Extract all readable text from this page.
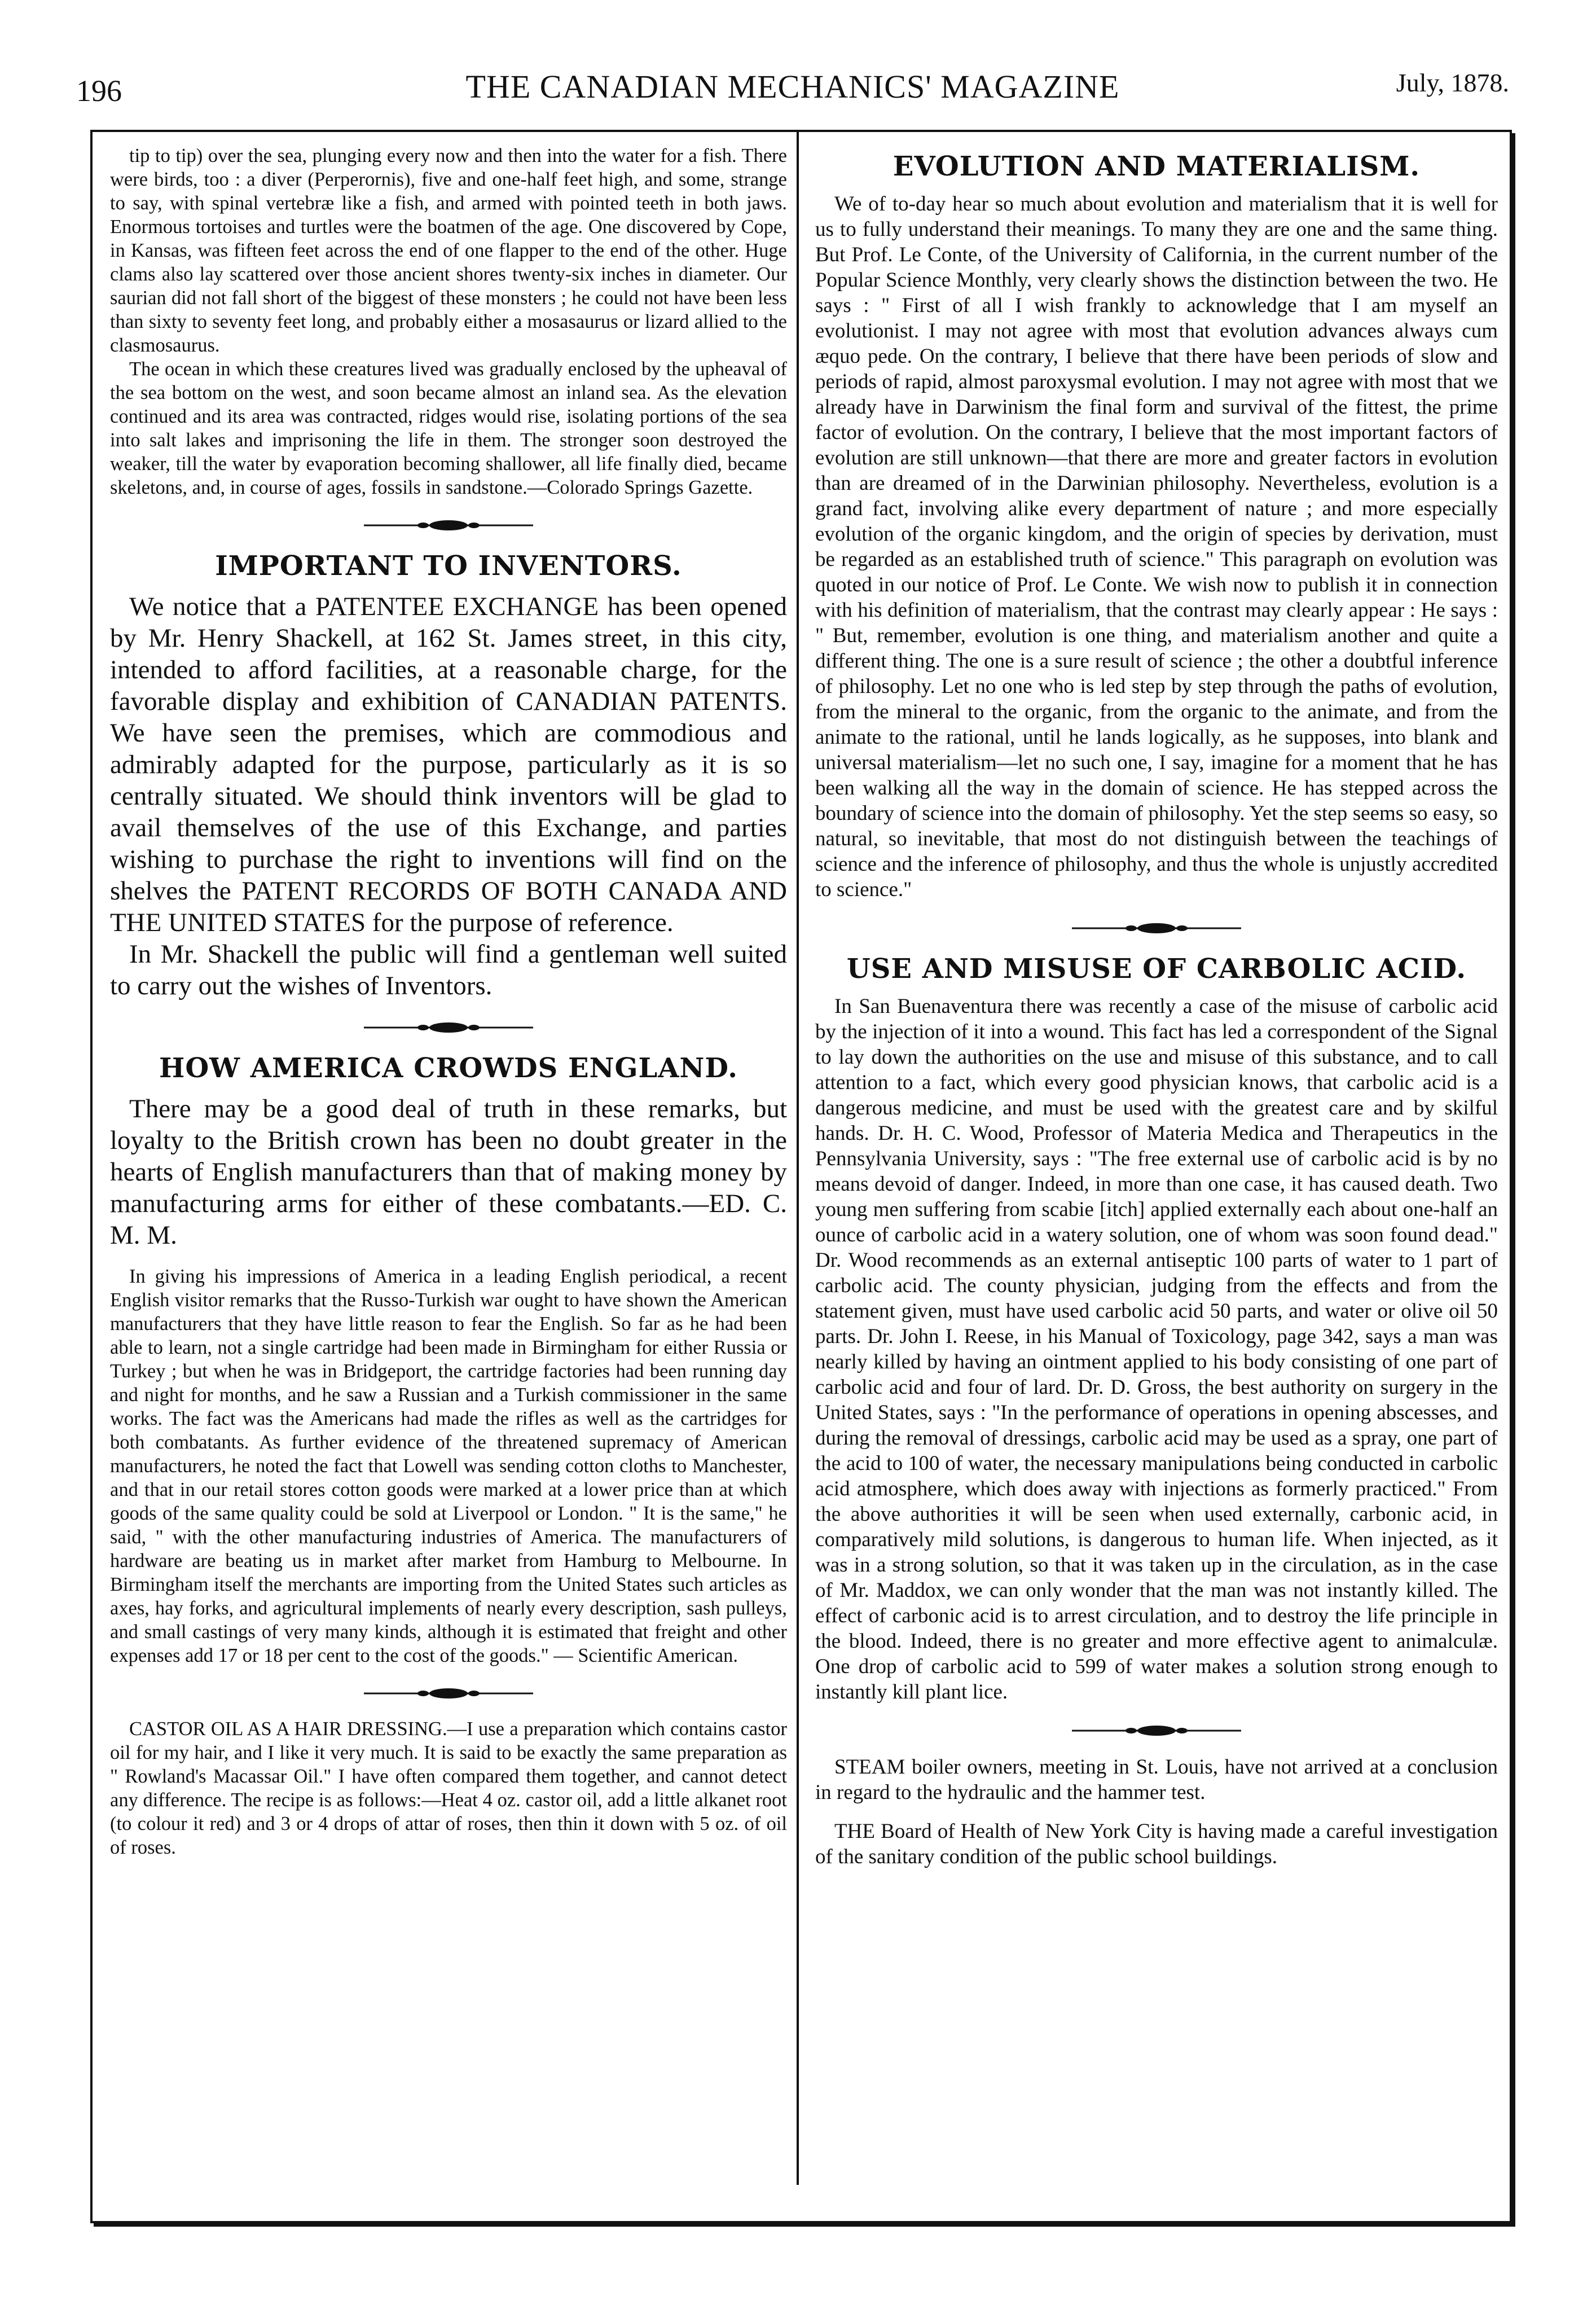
196	THE CANADIAN MECHANICS' MAGAZINE	July, 1878.

tip to tip) over the sea, plunging every now and then into the water for a fish. There were birds, too : a diver (Perperornis), five and one-half feet high, and some, strange to say, with spinal vertebræ like a fish, and armed with pointed teeth in both jaws. Enormous tortoises and turtles were the boatmen of the age. One discovered by Cope, in Kansas, was fifteen feet across the end of one flapper to the end of the other. Huge clams also lay scattered over those ancient shores twenty-six inches in diameter. Our saurian did not fall short of the biggest of these monsters ; he could not have been less than sixty to seventy feet long, and probably either a mosasaurus or lizard allied to the clasmosaurus.

The ocean in which these creatures lived was gradually enclosed by the upheaval of the sea bottom on the west, and soon became almost an inland sea. As the elevation continued and its area was contracted, ridges would rise, isolating portions of the sea into salt lakes and imprisoning the life in them. The stronger soon destroyed the weaker, till the water by evaporation becoming shallower, all life finally died, became skeletons, and, in course of ages, fossils in sandstone.—Colorado Springs Gazette.

IMPORTANT TO INVENTORS.

We notice that a PATENTEE EXCHANGE has been opened by Mr. Henry Shackell, at 162 St. James street, in this city, intended to afford facilities, at a reasonable charge, for the favorable display and exhibition of CANADIAN PATENTS. We have seen the premises, which are commodious and admirably adapted for the purpose, particularly as it is so centrally situated. We should think inventors will be glad to avail themselves of the use of this Exchange, and parties wishing to purchase the right to inventions will find on the shelves the PATENT RECORDS OF BOTH CANADA AND THE UNITED STATES for the purpose of reference.

In Mr. Shackell the public will find a gentleman well suited to carry out the wishes of Inventors.

HOW AMERICA CROWDS ENGLAND.

There may be a good deal of truth in these remarks, but loyalty to the British crown has been no doubt greater in the hearts of English manufacturers than that of making money by manufacturing arms for either of these combatants.—ED. C. M. M.

In giving his impressions of America in a leading English periodical, a recent English visitor remarks that the Russo-Turkish war ought to have shown the American manufacturers that they have little reason to fear the English. So far as he had been able to learn, not a single cartridge had been made in Birmingham for either Russia or Turkey ; but when he was in Bridgeport, the cartridge factories had been running day and night for months, and he saw a Russian and a Turkish commissioner in the same works. The fact was the Americans had made the rifles as well as the cartridges for both combatants. As further evidence of the threatened supremacy of American manufacturers, he noted the fact that Lowell was sending cotton cloths to Manchester, and that in our retail stores cotton goods were marked at a lower price than at which goods of the same quality could be sold at Liverpool or London. " It is the same," he said, " with the other manufacturing industries of America. The manufacturers of hardware are beating us in market after market from Hamburg to Melbourne. In Birmingham itself the merchants are importing from the United States such articles as axes, hay forks, and agricultural implements of nearly every description, sash pulleys, and small castings of very many kinds, although it is estimated that freight and other expenses add 17 or 18 per cent to the cost of the goods." — Scientific American.

CASTOR OIL AS A HAIR DRESSING.—I use a preparation which contains castor oil for my hair, and I like it very much. It is said to be exactly the same preparation as " Rowland's Macassar Oil." I have often compared them together, and cannot detect any difference. The recipe is as follows:—Heat 4 oz. castor oil, add a little alkanet root (to colour it red) and 3 or 4 drops of attar of roses, then thin it down with 5 oz. of oil of roses.

EVOLUTION AND MATERIALISM.

We of to-day hear so much about evolution and materialism that it is well for us to fully understand their meanings. To many they are one and the same thing. But Prof. Le Conte, of the University of California, in the current number of the Popular Science Monthly, very clearly shows the distinction between the two. He says : " First of all I wish frankly to acknowledge that I am myself an evolutionist. I may not agree with most that evolution advances always cum æquo pede. On the contrary, I believe that there have been periods of slow and periods of rapid, almost paroxysmal evolution. I may not agree with most that we already have in Darwinism the final form and survival of the fittest, the prime factor of evolution. On the contrary, I believe that the most important factors of evolution are still unknown—that there are more and greater factors in evolution than are dreamed of in the Darwinian philosophy. Nevertheless, evolution is a grand fact, involving alike every department of nature ; and more especially evolution of the organic kingdom, and the origin of species by derivation, must be regarded as an established truth of science." This paragraph on evolution was quoted in our notice of Prof. Le Conte. We wish now to publish it in connection with his definition of materialism, that the contrast may clearly appear : He says : " But, remember, evolution is one thing, and materialism another and quite a different thing. The one is a sure result of science ; the other a doubtful inference of philosophy. Let no one who is led step by step through the paths of evolution, from the mineral to the organic, from the organic to the animate, and from the animate to the rational, until he lands logically, as he supposes, into blank and universal materialism—let no such one, I say, imagine for a moment that he has been walking all the way in the domain of science. He has stepped across the boundary of science into the domain of philosophy. Yet the step seems so easy, so natural, so inevitable, that most do not distinguish between the teachings of science and the inference of philosophy, and thus the whole is unjustly accredited to science."

USE AND MISUSE OF CARBOLIC ACID.

In San Buenaventura there was recently a case of the misuse of carbolic acid by the injection of it into a wound. This fact has led a correspondent of the Signal to lay down the authorities on the use and misuse of this substance, and to call attention to a fact, which every good physician knows, that carbolic acid is a dangerous medicine, and must be used with the greatest care and by skilful hands. Dr. H. C. Wood, Professor of Materia Medica and Therapeutics in the Pennsylvania University, says : "The free external use of carbolic acid is by no means devoid of danger. Indeed, in more than one case, it has caused death. Two young men suffering from scabie [itch] applied externally each about one-half an ounce of carbolic acid in a watery solution, one of whom was soon found dead." Dr. Wood recommends as an external antiseptic 100 parts of water to 1 part of carbolic acid. The county physician, judging from the effects and from the statement given, must have used carbolic acid 50 parts, and water or olive oil 50 parts. Dr. John I. Reese, in his Manual of Toxicology, page 342, says a man was nearly killed by having an ointment applied to his body consisting of one part of carbolic acid and four of lard. Dr. D. Gross, the best authority on surgery in the United States, says : "In the performance of operations in opening abscesses, and during the removal of dressings, carbolic acid may be used as a spray, one part of the acid to 100 of water, the necessary manipulations being conducted in carbolic acid atmosphere, which does away with injections as formerly practiced." From the above authorities it will be seen when used externally, carbonic acid, in comparatively mild solutions, is dangerous to human life. When injected, as it was in a strong solution, so that it was taken up in the circulation, as in the case of Mr. Maddox, we can only wonder that the man was not instantly killed. The effect of carbonic acid is to arrest circulation, and to destroy the life principle in the blood. Indeed, there is no greater and more effective agent to animalculæ. One drop of carbolic acid to 599 of water makes a solution strong enough to instantly kill plant lice.

STEAM boiler owners, meeting in St. Louis, have not arrived at a conclusion in regard to the hydraulic and the hammer test.

THE Board of Health of New York City is having made a careful investigation of the sanitary condition of the public school buildings.
